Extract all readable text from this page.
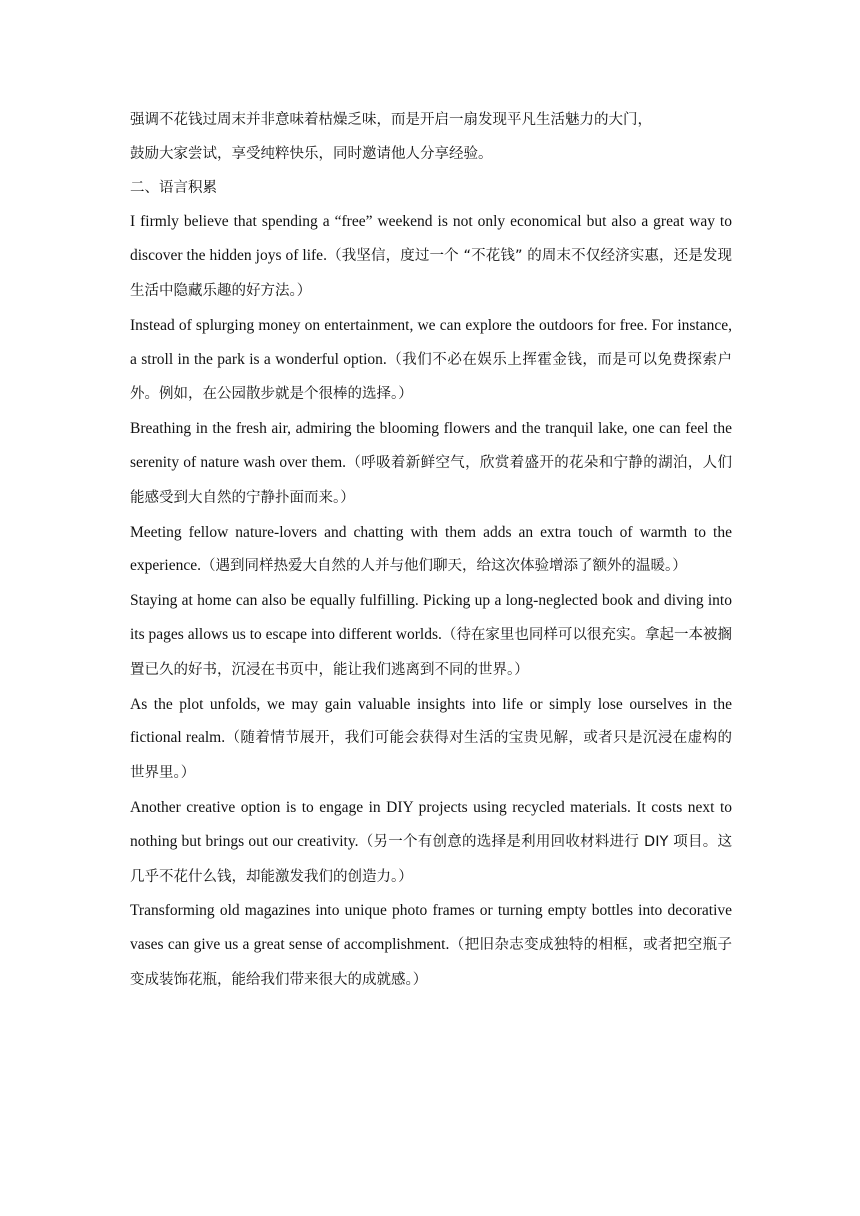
强调不花钱过周末并非意味着枯燥乏味，而是开启一扇发现平凡生活魅力的大门，

鼓励大家尝试，享受纯粹快乐，同时邀请他人分享经验。

二、语言积累

I firmly believe that spending a “free” weekend is not only economical but also a great way to discover the hidden joys of life.（我坚信，度过一个 “不花钱” 的周末不仅经济实惠，还是发现生活中隐藏乐趣的好方法。）

Instead of splurging money on entertainment, we can explore the outdoors for free. For instance, a stroll in the park is a wonderful option.（我们不必在娱乐上挥霍金钱，而是可以免费探索户外。例如，在公园散步就是个很棒的选择。）

Breathing in the fresh air, admiring the blooming flowers and the tranquil lake, one can feel the serenity of nature wash over them.（呼吸着新鲜空气，欣赏着盛开的花朵和宁静的湖泊，人们能感受到大自然的宁静扑面而来。）

Meeting fellow nature-lovers and chatting with them adds an extra touch of warmth to the experience.（遇到同样热爱大自然的人并与他们聊天，给这次体验增添了额外的温暖。）

Staying at home can also be equally fulfilling. Picking up a long-neglected book and diving into its pages allows us to escape into different worlds.（待在家里也同样可以很充实。拿起一本被搁置已久的好书，沉浸在书页中，能让我们逃离到不同的世界。）

As the plot unfolds, we may gain valuable insights into life or simply lose ourselves in the fictional realm.（随着情节展开，我们可能会获得对生活的宝贵见解，或者只是沉浸在虚构的世界里。）

Another creative option is to engage in DIY projects using recycled materials. It costs next to nothing but brings out our creativity.（另一个有创意的选择是利用回收材料进行 DIY 项目。这几乎不花什么钱，却能激发我们的创造力。）

Transforming old magazines into unique photo frames or turning empty bottles into decorative vases can give us a great sense of accomplishment.（把旧杂志变成独特的相框，或者把空瓶子变成装饰花瓶，能给我们带来很大的成就感。）
